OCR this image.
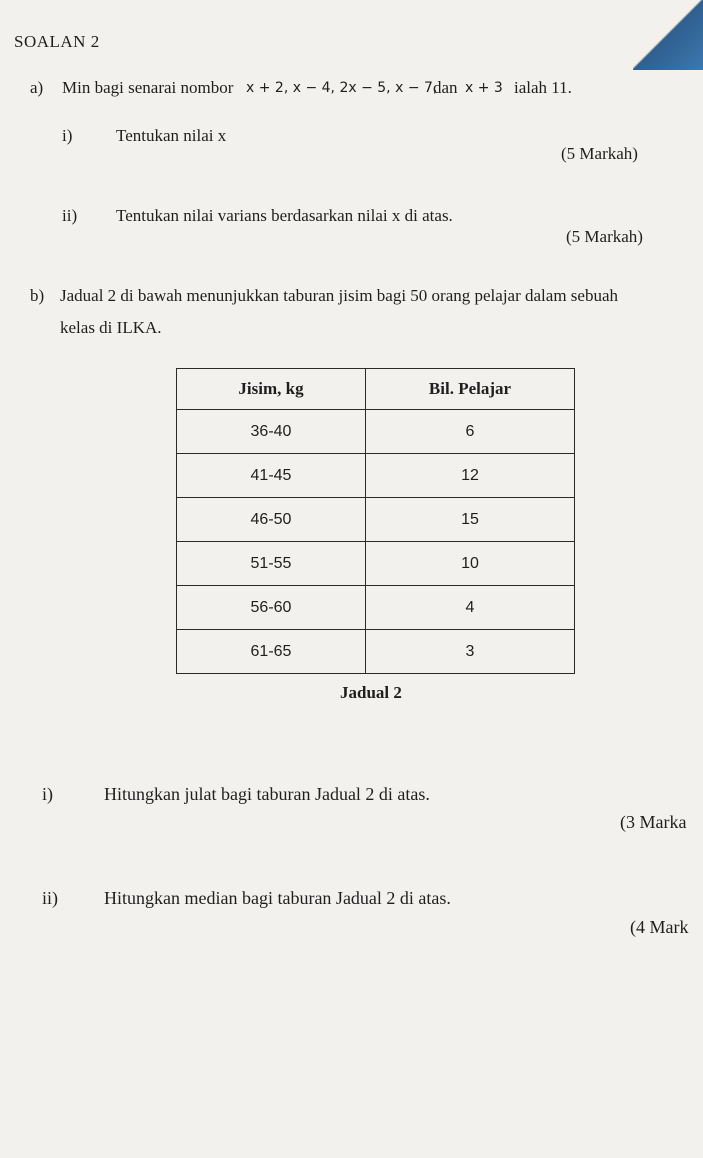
SOALAN 2
a) Min bagi senarai nombor x + 2, x − 4, 2x − 5, x − 7,
dan x + 3 ialah 11.
i)	Tentukan nilai x
(5 Markah)
ii) Tentukan nilai varians berdasarkan nilai x di atas.
(5 Markah)
b) Jadual 2 di bawah menunjukkan taburan jisim bagi 50 orang pelajar dalam sebuah
kelas di ILKA.
Jisim, kg	Bil. Pelajar
36-40	6
41-45	12
46-50	15
51-55	10
56-60	4
61-65	3
Jadual 2
i)	Hitungkan julat bagi taburan Jadual 2 di atas.
(3 Marka
ii)	Hitungkan median bagi taburan Jadual 2 di atas.
(4 Mark
